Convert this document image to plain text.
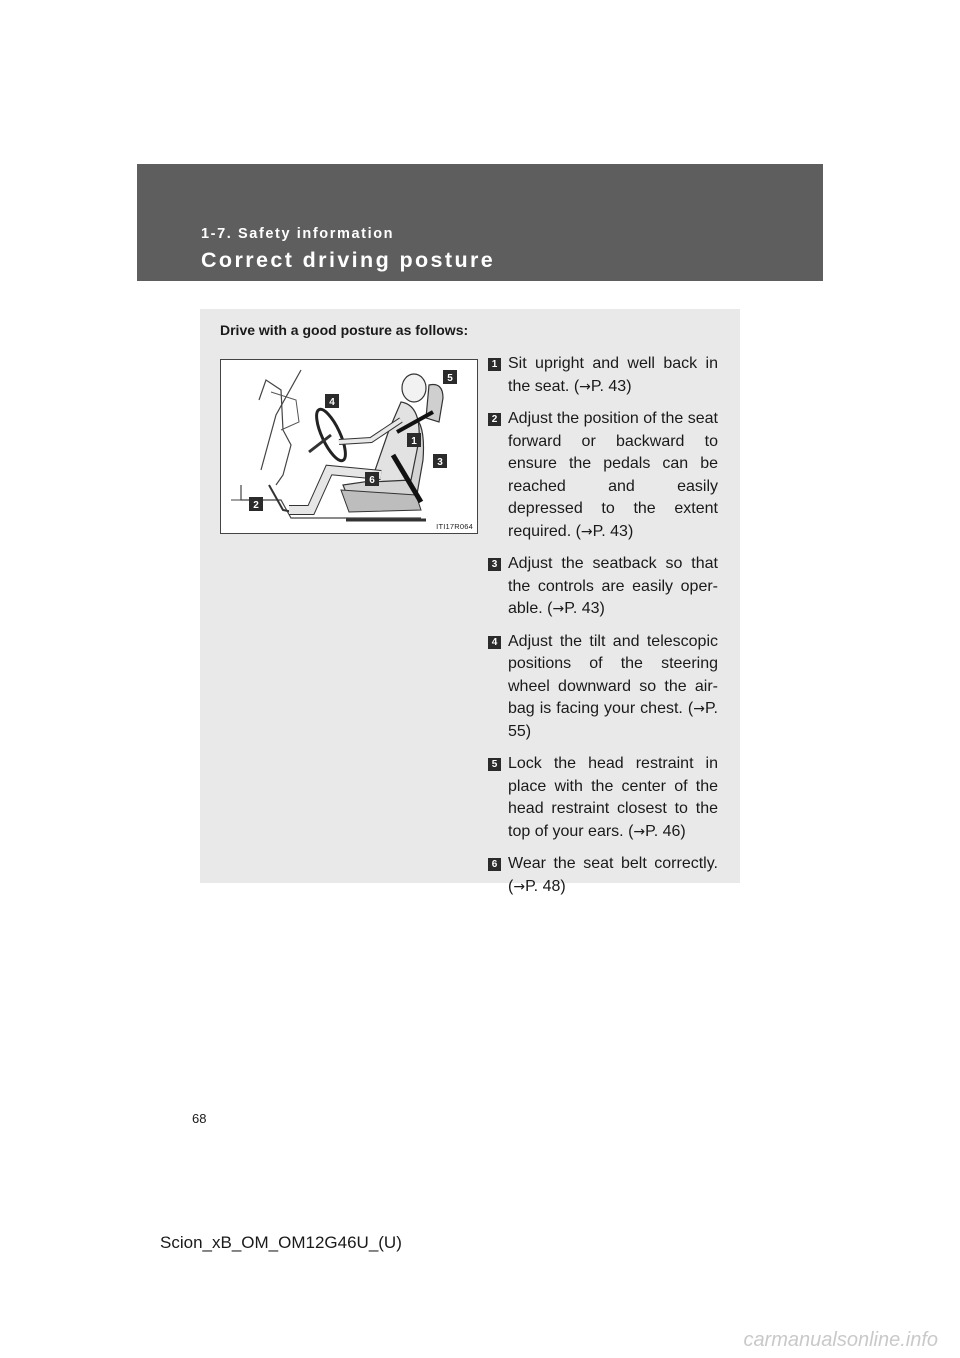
1-7. Safety information
Correct driving posture
Drive with a good posture as follows:
5
4
1
3
6
2
ITI17R064
1 Sit upright and well back in the seat. (→P. 43)
2 Adjust the position of the seat forward or backward to ensure the pedals can be reached and easily depressed to the extent required. (→P. 43)
3 Adjust the seatback so that the controls are easily oper-able. (→P. 43)
4 Adjust the tilt and telescopic positions of the steering wheel downward so the air-bag is facing your chest. (→P. 55)
5 Lock the head restraint in place with the center of the head restraint closest to the top of your ears. (→P. 46)
6 Wear the seat belt correctly. (→P. 48)
68
Scion_xB_OM_OM12G46U_(U)
carmanualsonline.info
